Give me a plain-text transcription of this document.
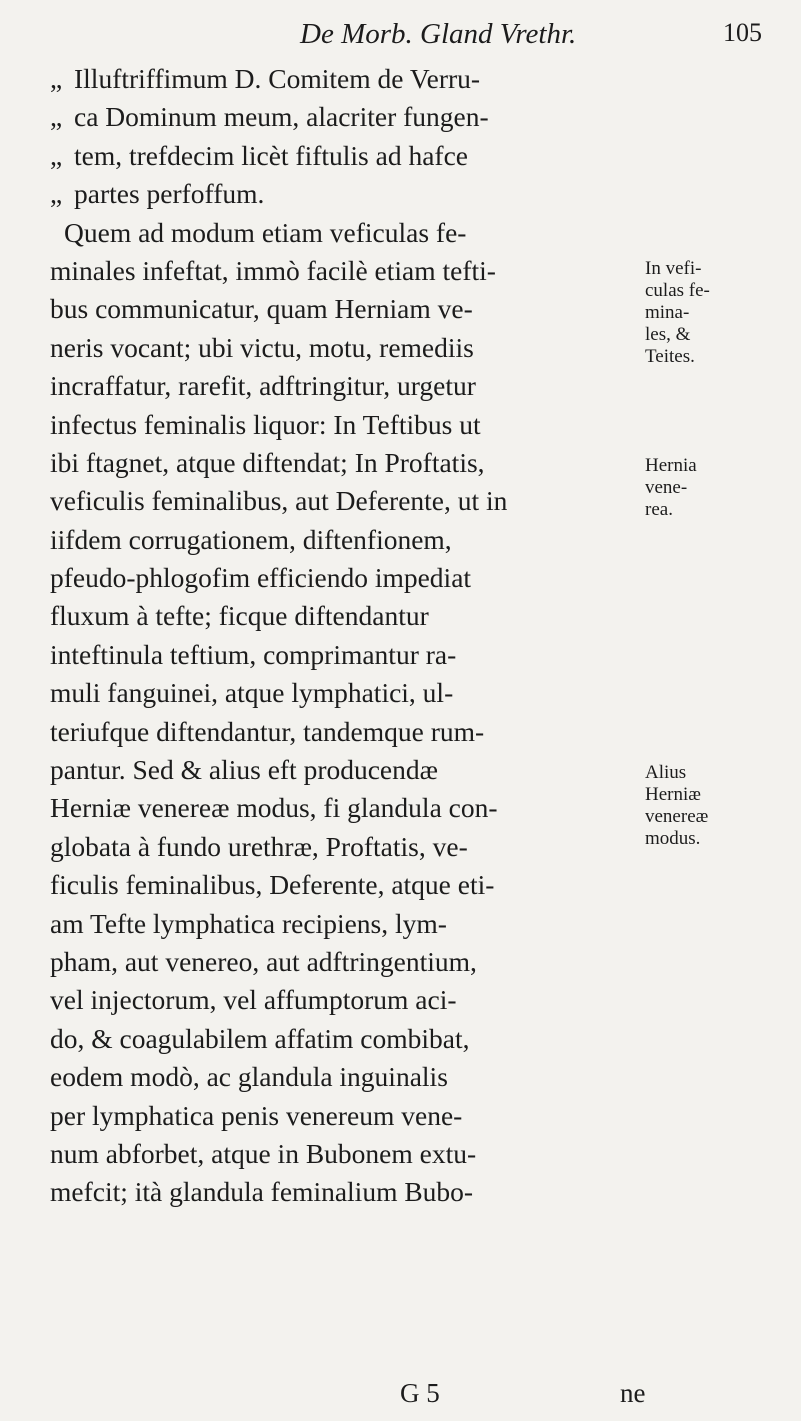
De Morb. Gland Vrethr.	105
„ Illuftriffimum D. Comitem de Verru-
„ ca Dominum meum, alacriter fungen-
„ tem, trefdecim licèt fiftulis ad hafce
„ partes perfoffum.
Quem ad modum etiam veficulas fe-
minales infeftat, immò facilè etiam tefti-
bus communicatur, quam Herniam ve-
neris vocant; ubi victu, motu, remediis
incraffatur, rarefit, adftringitur, urgetur
infectus feminalis liquor: In Teftibus ut
ibi ftagnet, atque diftendat; In Proftatis,
veficulis feminalibus, aut Deferente, ut in
iifdem corrugationem, diftenfionem,
pfeudo-phlogofim efficiendo impediat
fluxum à tefte; ficque diftendantur
inteftinula teftium, comprimantur ra-
muli fanguinei, atque lymphatici, ul-
teriufque diftendantur, tandemque rum-
pantur. Sed & alius eft producendæ
Herniæ venereæ modus, fi glandula con-
globata à fundo urethræ, Proftatis, ve-
ficulis feminalibus, Deferente, atque eti-
am Tefte lymphatica recipiens, lym-
pham, aut venereo, aut adftringentium,
vel injectorum, vel affumptorum aci-
do, & coagulabilem affatim combibat,
eodem modò, ac glandula inguinalis
per lymphatica penis venereum vene-
num abforbet, atque in Bubonem extu-
mefcit; ità glandula feminalium Bubo-
In vefi-
culas fe-
mina-
les, &
Teites.
Hernia
vene-
rea.
Alius
Herniæ
venereæ
modus.
G 5	ne
